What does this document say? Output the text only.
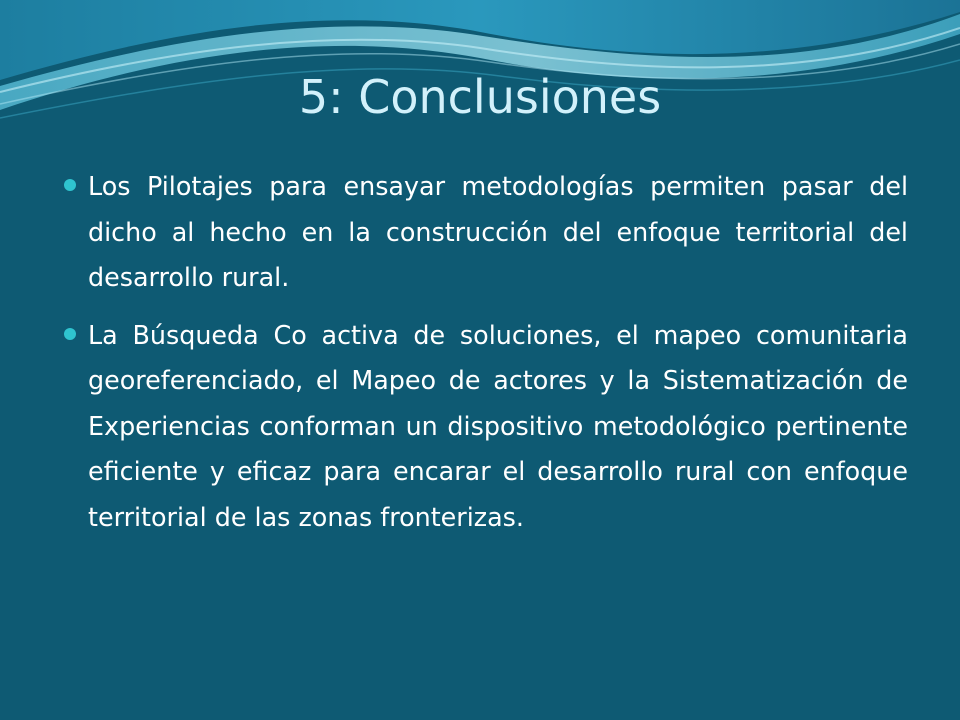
5: Conclusiones
Los Pilotajes para ensayar metodologías permiten pasar del dicho al hecho en la construcción del enfoque territorial del desarrollo rural.
La Búsqueda Co activa de soluciones, el mapeo comunitaria georeferenciado, el Mapeo de actores y la Sistematización de Experiencias conforman un dispositivo metodológico pertinente eficiente y eficaz para encarar el desarrollo rural con enfoque territorial de las zonas fronterizas.
